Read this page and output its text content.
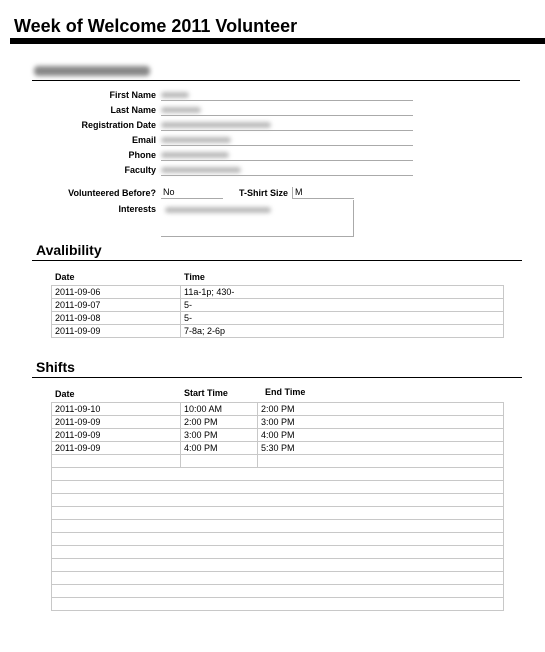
Week of Welcome 2011 Volunteer
First Name
Last Name
Registration Date
Email
Phone
Faculty
Volunteered Before? No	T-Shirt Size M
Interests
Avalibility
Date	Time
2011-09-06	11a-1p; 430-
2011-09-07	5-
2011-09-08	5-
2011-09-09	7-8a; 2-6p
Shifts
Date	Start Time	End Time
2011-09-10	10:00 AM	2:00 PM
2011-09-09	2:00 PM	3:00 PM
2011-09-09	3:00 PM	4:00 PM
2011-09-09	4:00 PM	5:30 PM
